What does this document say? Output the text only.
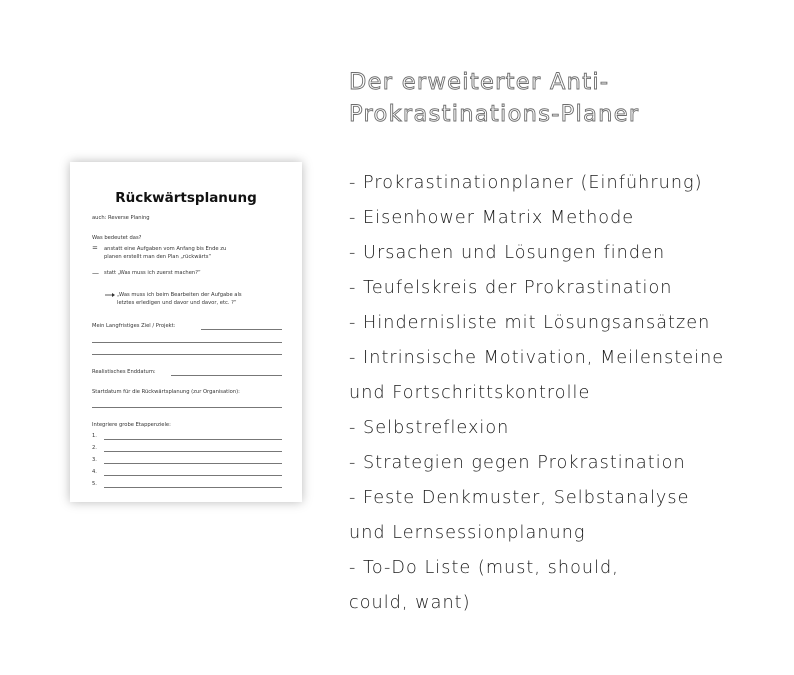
Rückwärtsplanung
auch: Reverse Planing
Was bedeutet das?
= anstatt eine Aufgaben vom Anfang bis Ende zu
planen erstellt man den Plan „rückwärts“
— statt „Was muss ich zuerst machen?“
„Was muss ich beim Bearbeiten der Aufgabe als
letztes erledigen und davor und davor, etc. ?“
Mein Langfristiges Ziel / Projekt:
Realistisches Enddatum:
Startdatum für die Rückwärtsplanung (zur Organisation):
Integriere grobe Etappenziele:
1.
2.
3.
4.
5.
Der erweiterter Anti-
Prokrastinations-Planer
- Prokrastinationplaner (Einführung)
- Eisenhower Matrix Methode
- Ursachen und Lösungen finden
- Teufelskreis der Prokrastination
- Hindernisliste mit Lösungsansätzen
- Intrinsische Motivation, Meilensteine
und Fortschrittskontrolle
- Selbstreflexion
- Strategien gegen Prokrastination
- Feste Denkmuster, Selbstanalyse
und Lernsessionplanung
- To-Do Liste (must, should,
could, want)
